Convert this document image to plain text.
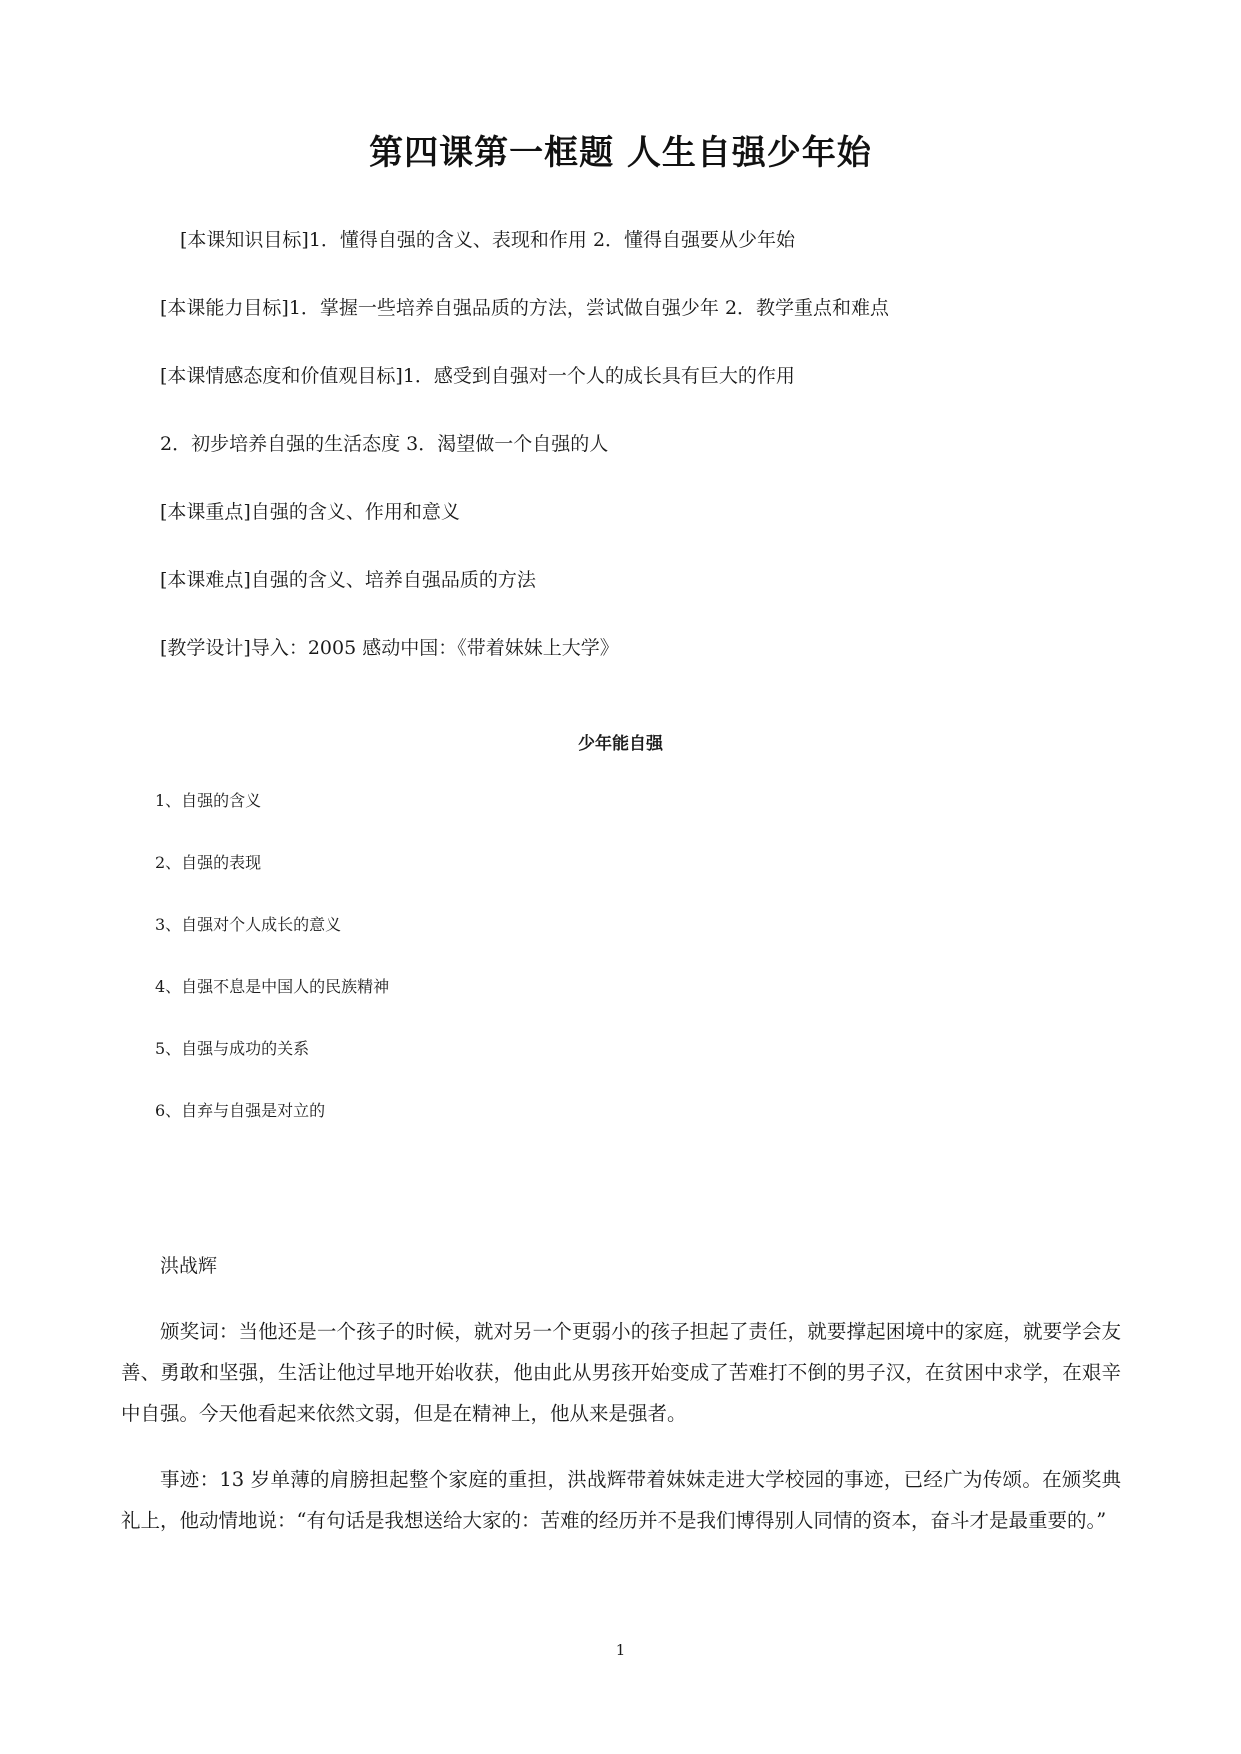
第四课第一框题 人生自强少年始

[本课知识目标]1．懂得自强的含义、表现和作用 2．懂得自强要从少年始

[本课能力目标]1．掌握一些培养自强品质的方法，尝试做自强少年 2．教学重点和难点

[本课情感态度和价值观目标]1．感受到自强对一个人的成长具有巨大的作用

2．初步培养自强的生活态度 3．渴望做一个自强的人

[本课重点]自强的含义、作用和意义

[本课难点]自强的含义、培养自强品质的方法

[教学设计]导入：2005 感动中国：《带着妹妹上大学》

少年能自强

1、自强的含义

2、自强的表现

3、自强对个人成长的意义

4、自强不息是中国人的民族精神

5、自强与成功的关系

6、自弃与自强是对立的

洪战辉

颁奖词：当他还是一个孩子的时候，就对另一个更弱小的孩子担起了责任，就要撑起困境中的家庭，就要学会友善、勇敢和坚强，生活让他过早地开始收获，他由此从男孩开始变成了苦难打不倒的男子汉，在贫困中求学，在艰辛中自强。今天他看起来依然文弱，但是在精神上，他从来是强者。

事迹：13 岁单薄的肩膀担起整个家庭的重担，洪战辉带着妹妹走进大学校园的事迹，已经广为传颂。在颁奖典礼上，他动情地说：“有句话是我想送给大家的：苦难的经历并不是我们博得别人同情的资本，奋斗才是最重要的。”

1
